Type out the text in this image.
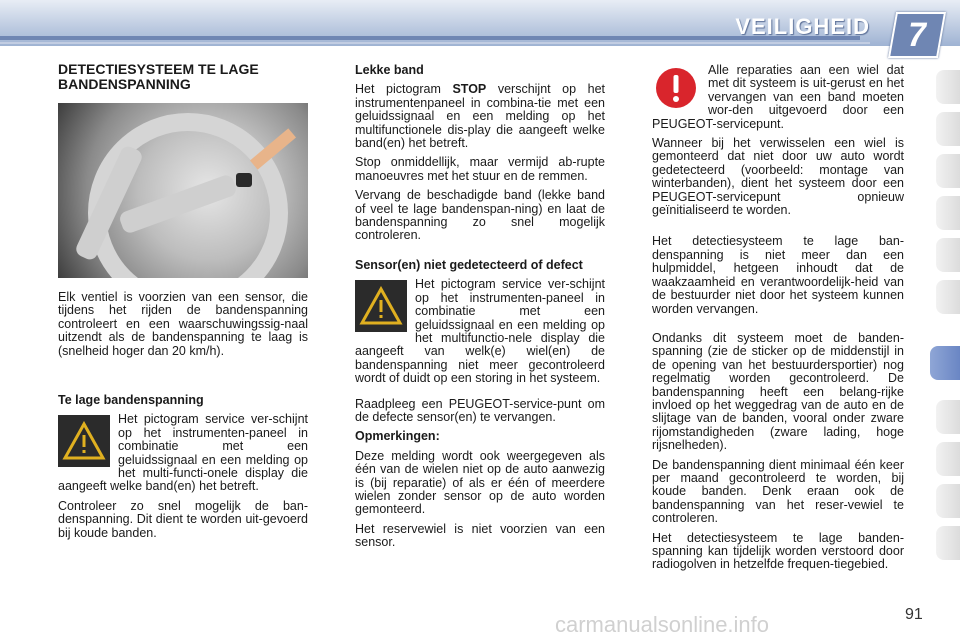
VEILIGHEID	7
DETECTIESYSTEEM TE LAGE BANDENSPANNING

Elk ventiel is voorzien van een sensor, die tijdens het rijden de bandenspanning controleert en een waarschuwingssig-naal uitzendt als de bandenspanning te laag is (snelheid hoger dan 20 km/h).

Te lage bandenspanning

Het pictogram service ver-schijnt op het instrumenten-paneel in combinatie met een geluidssignaal en een melding op het multi-functi-onele display die aangeeft welke band(en) het betreft.

Controleer zo snel mogelijk de ban-denspanning. Dit dient te worden uit-gevoerd bij koude banden.

Lekke band

Het pictogram STOP verschijnt op het instrumentenpaneel in combina-tie met een geluidssignaal en een melding op het multifunctionele dis-play die aangeeft welke band(en) het betreft.

Stop onmiddellijk, maar vermijd ab-rupte manoeuvres met het stuur en de remmen.

Vervang de beschadigde band (lekke band of veel te lage bandenspan-ning) en laat de bandenspanning zo snel mogelijk controleren.

Sensor(en) niet gedetecteerd of defect

Het pictogram service ver-schijnt op het instrumenten-paneel in combinatie met een geluidssignaal en een melding op het multifunctio-nele display die aangeeft van welk(e) wiel(en) de bandenspanning niet meer gecontroleerd wordt of duidt op een storing in het systeem.

Raadpleeg een PEUGEOT-service-punt om de defecte sensor(en) te vervangen.

Opmerkingen:

Deze melding wordt ook weergegeven als één van de wielen niet op de auto aanwezig is (bij reparatie) of als er één of meerdere wielen zonder sensor op de auto worden gemonteerd.

Het reservewiel is niet voorzien van een sensor.

Alle reparaties aan een wiel dat met dit systeem is uit-gerust en het vervangen van een band moeten wor-den uitgevoerd door een PEUGEOT-servicepunt.

Wanneer bij het verwisselen een wiel is gemonteerd dat niet door uw auto wordt gedetecteerd (voorbeeld: montage van winterbanden), dient het systeem door een PEUGEOT-servicepunt opnieuw geïnitialiseerd te worden.

Het detectiesysteem te lage ban-denspanning is niet meer dan een hulpmiddel, hetgeen inhoudt dat de waakzaamheid en verantwoordelijk-heid van de bestuurder niet door het systeem kunnen worden vervangen.

Ondanks dit systeem moet de banden-spanning (zie de sticker op de middenstijl in de opening van het bestuurdersportier) nog regelmatig worden gecontroleerd. De bandenspanning heeft een belang-rijke invloed op het weggedrag van de auto en de slijtage van de banden, vooral onder zware rijomstandigheden (zware lading, hoge rijsnelheden).

De bandenspanning dient minimaal één keer per maand gecontroleerd te worden, bij koude banden. Denk eraan ook de bandenspanning van het reser-vewiel te controleren.

Het detectiesysteem te lage banden-spanning kan tijdelijk worden verstoord door radiogolven in hetzelfde frequen-tiegebied.

carmanualsonline.info	91
